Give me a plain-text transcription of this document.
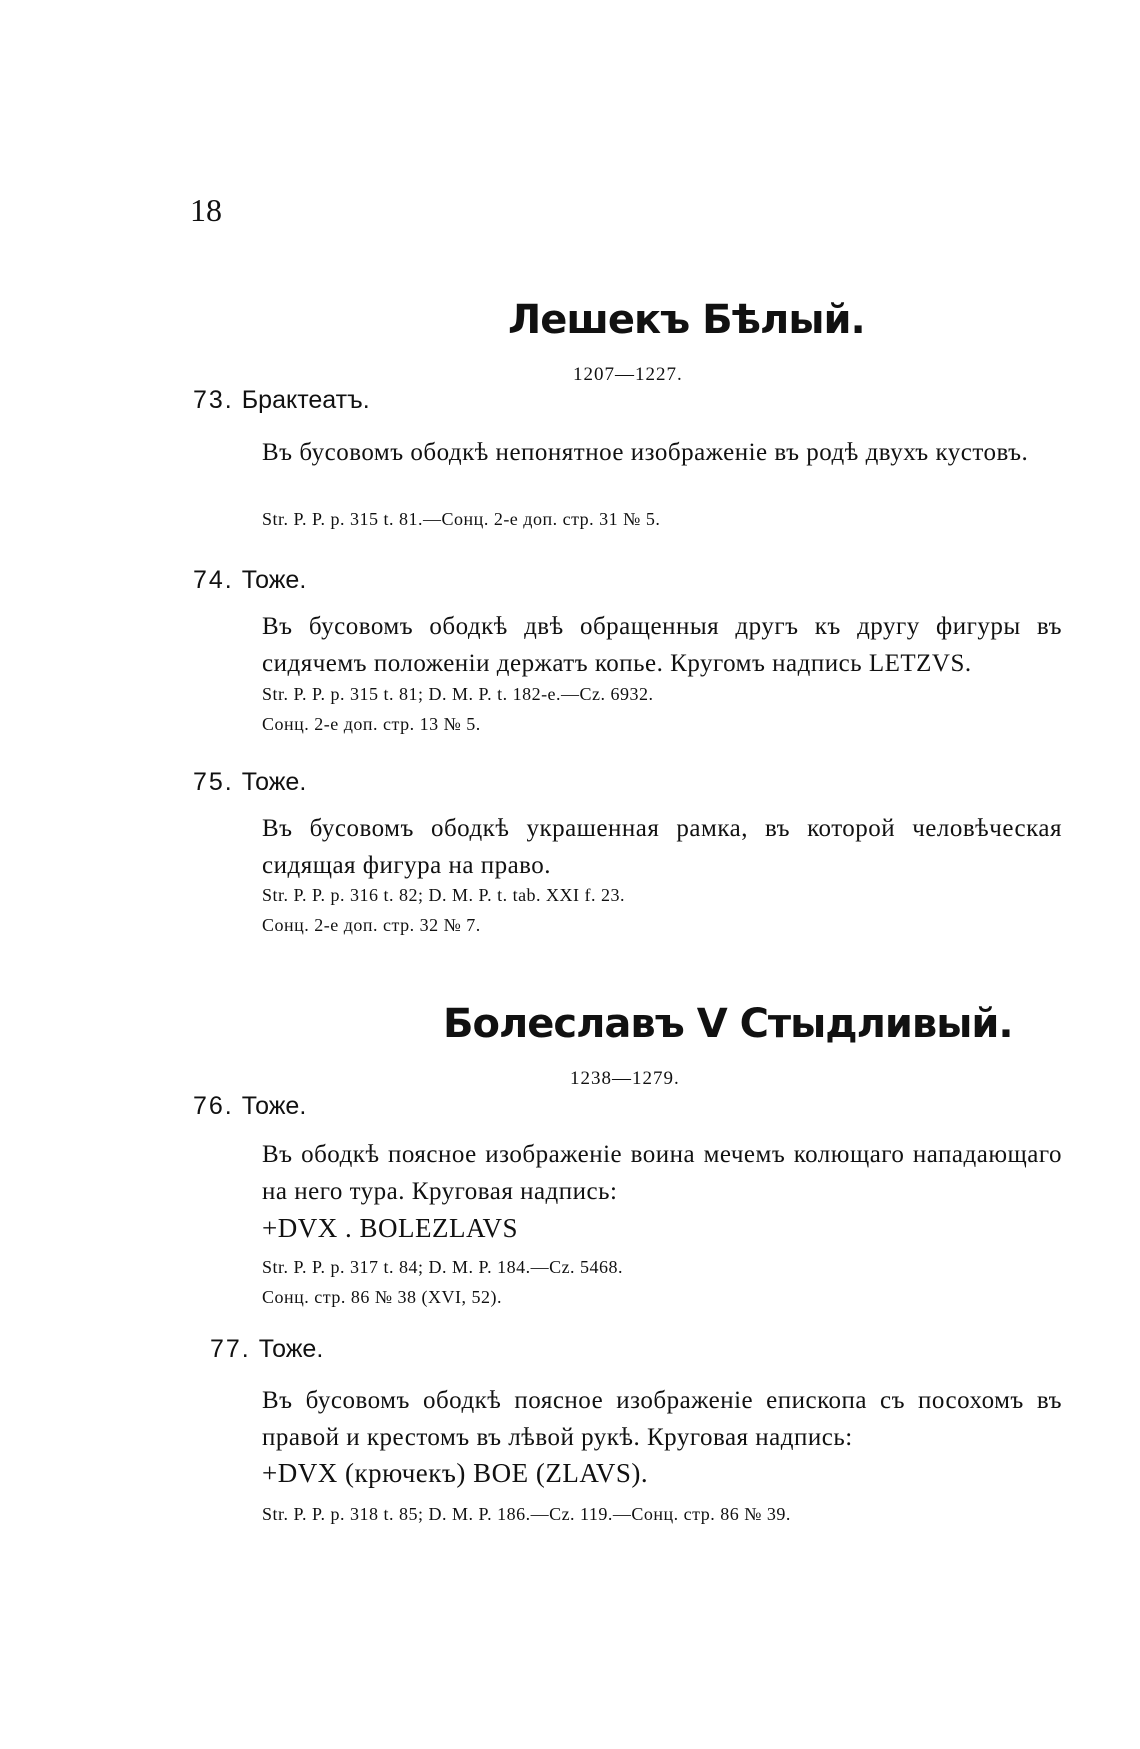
18
Лешекъ Бѣлый.
1207—1227.
73. Брактеатъ.
Въ бусовомъ ободкѣ непонятное изображеніе въ родѣ двухъ кустовъ.
Str. P. P. p. 315 t. 81.—Сонц. 2-е доп. стр. 31 № 5.
74. Тоже.
Въ бусовомъ ободкѣ двѣ обращенныя другъ къ другу фигуры въ сидячемъ положеніи держатъ копье. Кругомъ надпись LETZVS.
Str. P. P. p. 315 t. 81; D. M. P. t. 182-e.—Cz. 6932.
Сонц. 2-е доп. стр. 13 № 5.
75. Тоже.
Въ бусовомъ ободкѣ украшенная рамка, въ которой человѣческая сидящая фигура на право.
Str. P. P. p. 316 t. 82; D. M. P. t. tab. XXI f. 23.
Сонц. 2-е доп. стр. 32 № 7.
Болеславъ V Стыдливый.
1238—1279.
76. Тоже.
Въ ободкѣ поясное изображеніе воина мечемъ колющаго нападающаго на него тура. Круговая надпись:
+DVX . BOLEZLAVS
Str. P. P. p. 317 t. 84; D. M. P. 184.—Cz. 5468.
Сонц. стр. 86 № 38 (XVI, 52).
77. Тоже.
Въ бусовомъ ободкѣ поясное изображеніе епископа съ посохомъ въ правой и крестомъ въ лѣвой рукѣ. Круговая надпись:
+DVX (крючекъ) BOE (ZLAVS).
Str. P. P. p. 318 t. 85; D. M. P. 186.—Cz. 119.—Сонц. стр. 86 № 39.
